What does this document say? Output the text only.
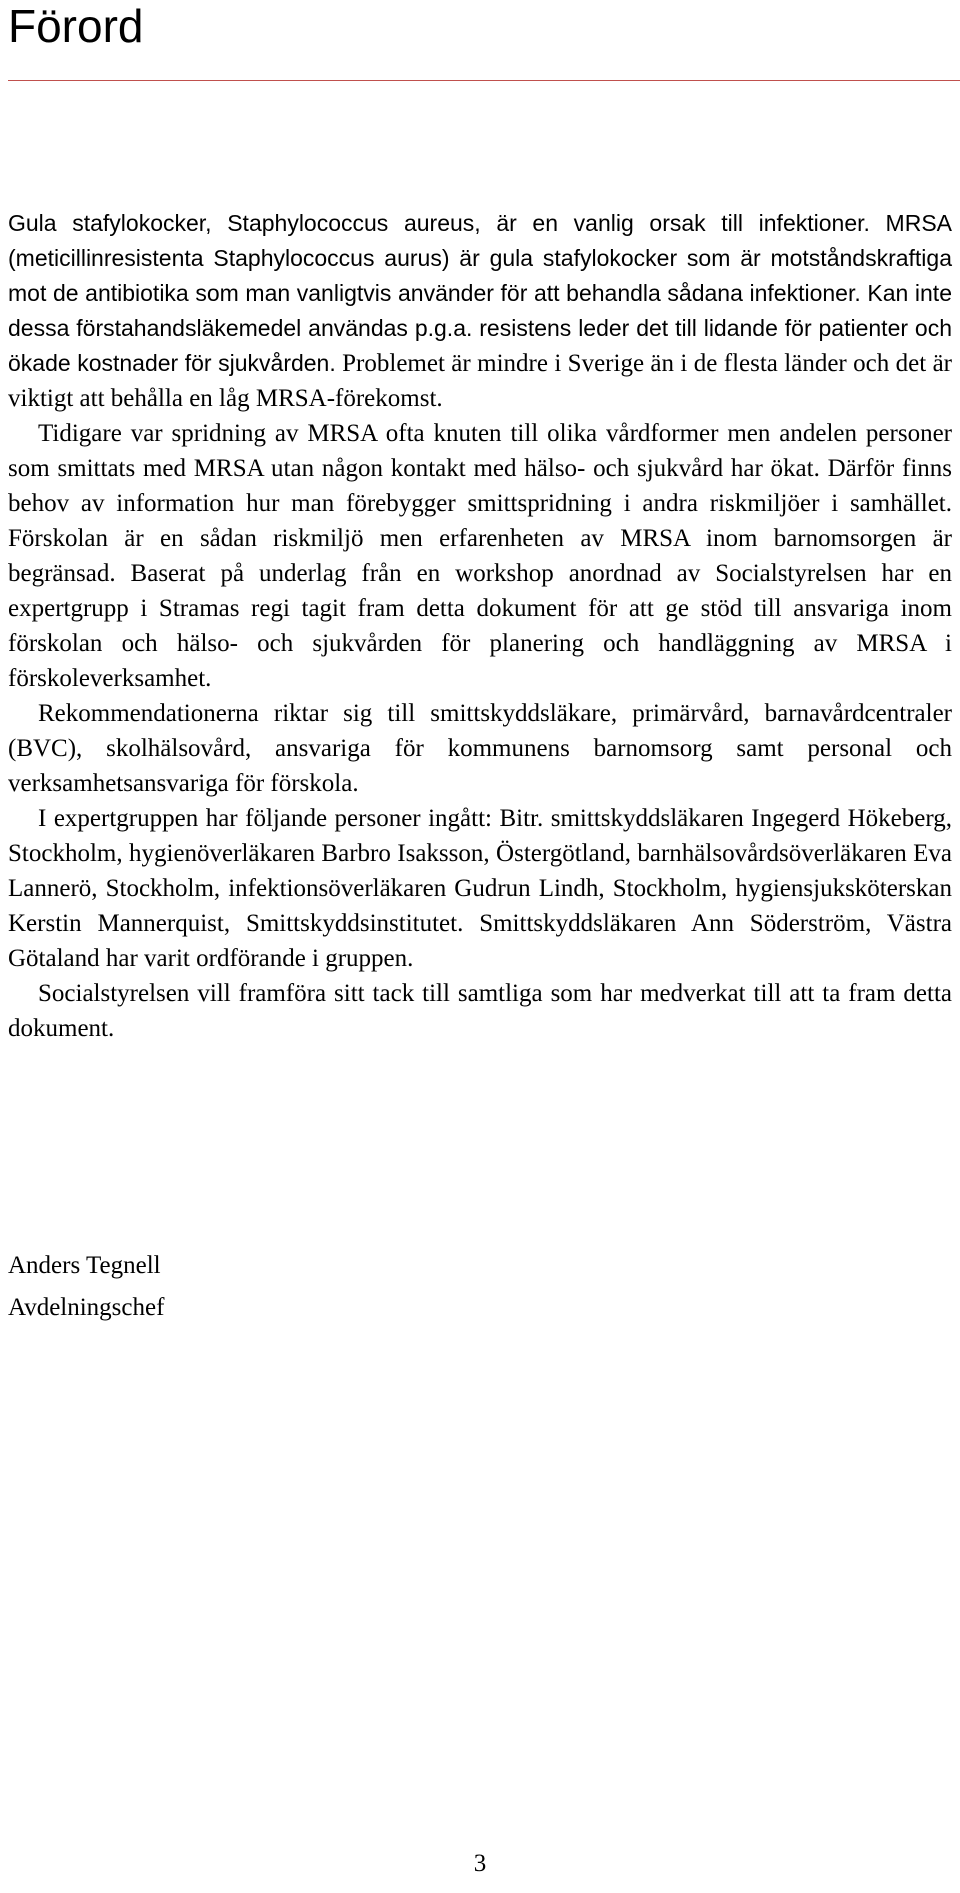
Förord

Gula stafylokocker, Staphylococcus aureus, är en vanlig orsak till infektioner. MRSA (meticillinresistenta Staphylococcus aurus) är gula stafylokocker som är motståndskraftiga mot de antibiotika som man vanligtvis använder för att behandla sådana infektioner. Kan inte dessa förstahandsläkemedel användas p.g.a. resistens leder det till lidande för patienter och ökade kostnader för sjukvården. Problemet är mindre i Sverige än i de flesta länder och det är viktigt att behålla en låg MRSA-förekomst.

Tidigare var spridning av MRSA ofta knuten till olika vårdformer men andelen personer som smittats med MRSA utan någon kontakt med hälso- och sjukvård har ökat. Därför finns behov av information hur man förebygger smittspridning i andra riskmiljöer i samhället. Förskolan är en sådan riskmiljö men erfarenheten av MRSA inom barnomsorgen är begränsad. Baserat på underlag från en workshop anordnad av Socialstyrelsen har en expertgrupp i Stramas regi tagit fram detta dokument för att ge stöd till ansvariga inom förskolan och hälso- och sjukvården för planering och handläggning av MRSA i förskoleverksamhet.

Rekommendationerna riktar sig till smittskyddsläkare, primärvård, barnavårdcentraler (BVC), skolhälsovård, ansvariga för kommunens barnomsorg samt personal och verksamhetsansvariga för förskola.

I expertgruppen har följande personer ingått: Bitr. smittskyddsläkaren Ingegerd Hökeberg, Stockholm, hygienöverläkaren Barbro Isaksson, Östergötland, barnhälsovårdsöverläkaren Eva Lannerö, Stockholm, infektionsöverläkaren Gudrun Lindh, Stockholm, hygiensjuksköterskan Kerstin Mannerquist, Smittskyddsinstitutet. Smittskyddsläkaren Ann Söderström, Västra Götaland har varit ordförande i gruppen.

Socialstyrelsen vill framföra sitt tack till samtliga som har medverkat till att ta fram detta dokument.

Anders Tegnell
Avdelningschef
3
